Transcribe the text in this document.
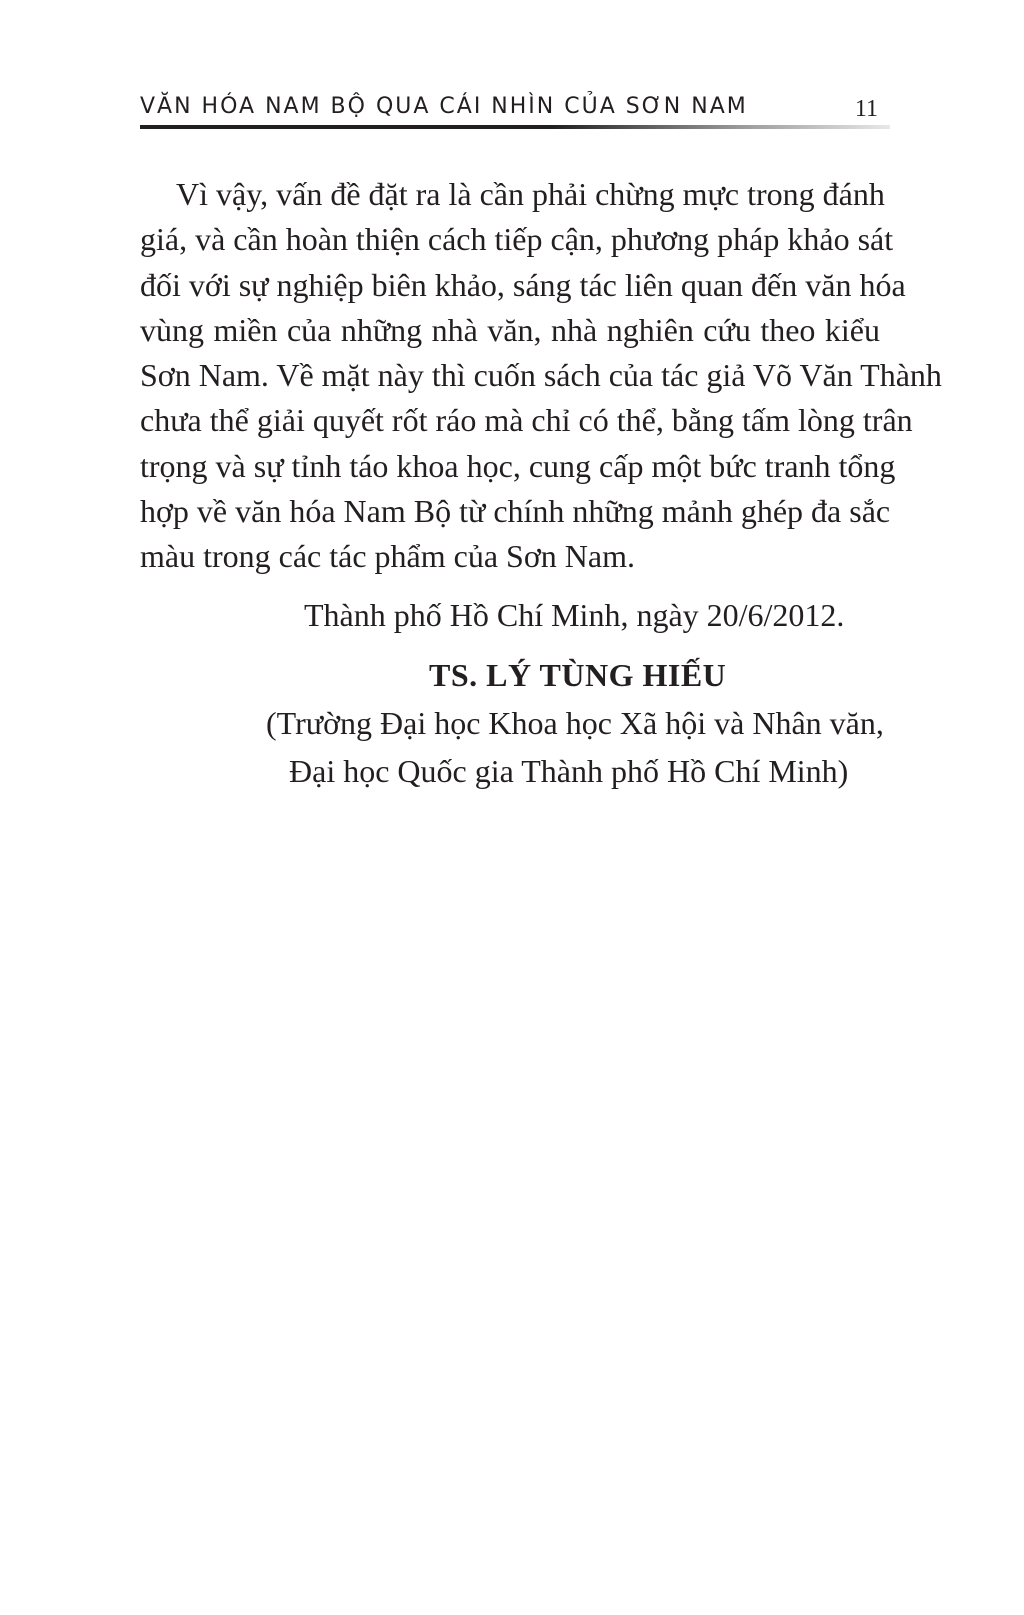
VĂN HÓA NAM BỘ QUA CÁI NHÌN CỦA SƠN NAM	11
Vì vậy, vấn đề đặt ra là cần phải chừng mực trong đánh
giá, và cần hoàn thiện cách tiếp cận, phương pháp khảo sát
đối với sự nghiệp biên khảo, sáng tác liên quan đến văn hóa
vùng miền của những nhà văn, nhà nghiên cứu theo kiểu
Sơn Nam. Về mặt này thì cuốn sách của tác giả Võ Văn Thành
chưa thể giải quyết rốt ráo mà chỉ có thể, bằng tấm lòng trân
trọng và sự tỉnh táo khoa học, cung cấp một bức tranh tổng
hợp về văn hóa Nam Bộ từ chính những mảnh ghép đa sắc
màu trong các tác phẩm của Sơn Nam.
Thành phố Hồ Chí Minh, ngày 20/6/2012.
TS. LÝ TÙNG HIẾU
(Trường Đại học Khoa học Xã hội và Nhân văn,
Đại học Quốc gia Thành phố Hồ Chí Minh)
